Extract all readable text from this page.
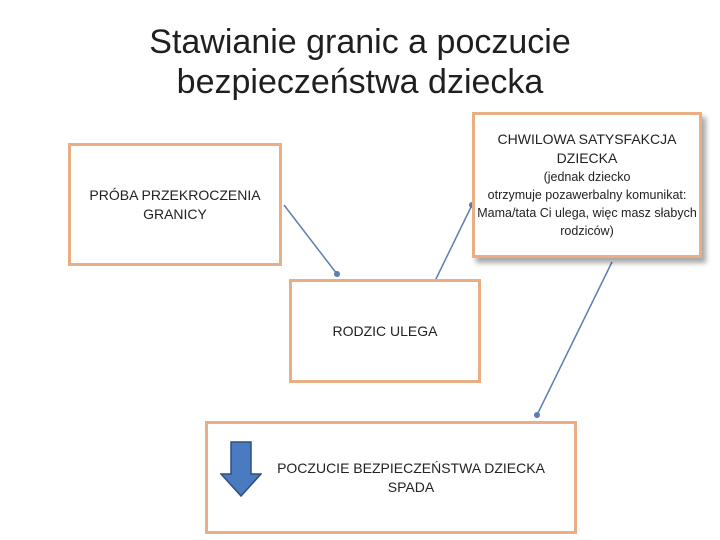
Stawianie granic a poczucie
bezpieczeństwa dziecka
PRÓBA PRZEKROCZENIA GRANICY
CHWILOWA SATYSFAKCJA DZIECKA
(jednak dziecko
otrzymuje pozawerbalny komunikat: Mama/tata Ci ulega, więc masz słabych rodziców)
RODZIC ULEGA
POCZUCIE BEZPIECZEŃSTWA DZIECKA SPADA
